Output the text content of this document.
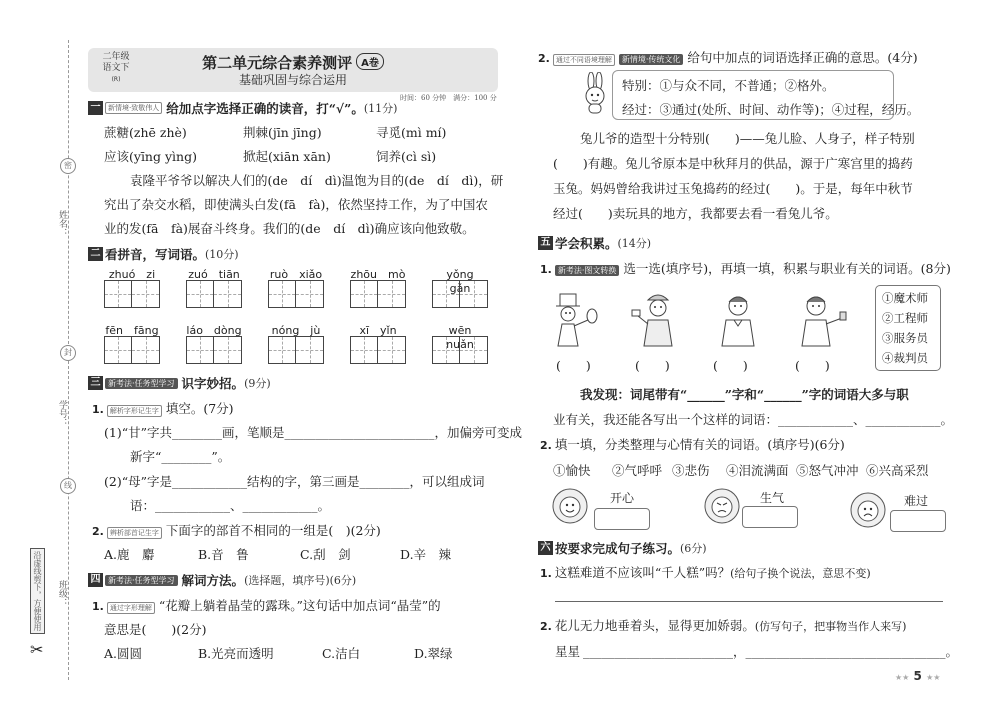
姓名：
学号：
班级：
密
封
线
沿虚线剪下，方便使用
✂
二年级
语文下
(R)
第二单元综合素养测评 A卷
基础巩固与综合运用
时间：60 分钟　满分：100 分
一	新情境·致敬伟人 给加点字选择正确的读音，打“√”。 (11分)
蔗糖(zhē zhè)	荆棘(jīn jīng)	寻觅(mì mí)
应该(yīng yìng)	掀起(xiān xān)	饲养(cì sì)
袁隆平爷爷以解决人们的(de　dí　dì)温饱为目的(de　dí　dì)，研
究出了杂交水稻，即使满头白发(fā　fà)，依然坚持工作，为了中国农
业的发(fā　fà)展奋斗终身。我们的(de　dí　dì)确应该向他致敬。
二 看拼音，写词语。 (10分)
三 新考法·任务型学习 识字妙招。 (9分)
1. 解析字形记生字 填空。(7分)
(1)“甘”字共________画，笔顺是________________________，加偏旁可变成
新字“________”。
(2)“母”字是____________结构的字，第三画是________，可以组成词
语：____________、____________。
2. 辨析部首记生字 下面字的部首不相同的一组是(　)(2分)
A.鹿　麝	B.音　鲁	C.刮　剑	D.辛　辣
四 新考法·任务型学习 解词方法。 (选择题，填序号)(6分)
1. 通过字形理解 “花瓣上躺着晶莹的露珠。”这句话中加点词“晶莹”的
意思是(　　)(2分)
A.圆圆	B.光亮而透明	C.洁白	D.翠绿
2. 通过不同语境理解 新情境·传统文化 给句中加点的词语选择正确的意思。(4分)
特别：①与众不同，不普通；②格外。
经过：③通过(处所、时间、动作等)；④过程，经历。
兔儿爷的造型十分特别(　　)——兔儿脸、人身子，样子特别
(　　)有趣。兔儿爷原本是中秋拜月的供品，源于广寒宫里的捣药
玉兔。妈妈曾给我讲过玉兔捣药的经过(　　)。于是，每年中秋节
经过(　　)卖玩具的地方，我都要去看一看兔儿爷。
五 学会积累。 (14分)
1. 新考法·图文转换 选一选(填序号)，再填一填，积累与职业有关的词语。(8分)
(　　)	(　　)	(　　)	(　　)
①魔术师
②工程师
③服务员
④裁判员
我发现：词尾带有“______”字和“______”字的词语大多与职
业有关，我还能各写出一个这样的词语：____________、____________。
2. 填一填，分类整理与心情有关的词语。(填序号)(6分)
①愉快 ②气呼呼 ③悲伤 ④泪流满面 ⑤怒气冲冲 ⑥兴高采烈
开心	生气	难过
六 按要求完成句子练习。 (6分)
1. 这糕难道不应该叫“千人糕”吗？(给句子换个说法，意思不变)
2. 花儿无力地垂着头，显得更加娇弱。(仿写句子，把事物当作人来写)
星星 ________________________，________________________________。
★★ 5 ★★
zhuó　zi	zuó　tiān	ruò　xiǎo	zhōu　mò	yǒng　gǎn
fēn　fāng	láo　dòng	nóng　jù	xī　yǐn	wēn　nuǎn
